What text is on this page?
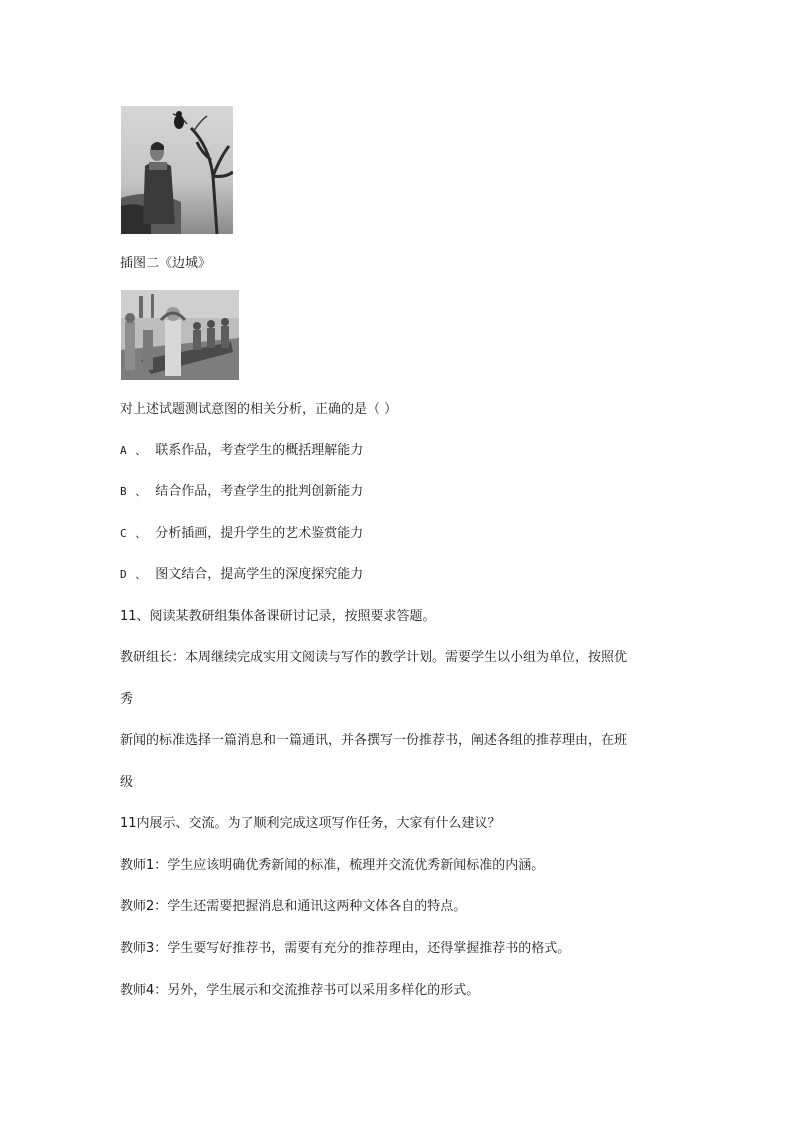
插图二《边城》
对上述试题测试意图的相关分析，正确的是（ ）
A 、 联系作品，考查学生的概括理解能力
B 、 结合作品，考查学生的批判创新能力
C 、 分析插画，提升学生的艺术鉴赏能力
D 、 图文结合，提高学生的深度探究能力
11、阅读某教研组集体备课研讨记录，按照要求答题。
教研组长：本周继续完成实用文阅读与写作的教学计划。需要学生以小组为单位，按照优
秀
新闻的标准选择一篇消息和一篇通讯，并各撰写一份推荐书，阐述各组的推荐理由，在班
级
11内展示、交流。为了顺利完成这项写作任务，大家有什么建议？
教师1：学生应该明确优秀新闻的标准，梳理并交流优秀新闻标准的内涵。
教师2：学生还需要把握消息和通讯这两种文体各自的特点。
教师3：学生要写好推荐书，需要有充分的推荐理由，还得掌握推荐书的格式。
教师4：另外，学生展示和交流推荐书可以采用多样化的形式。
